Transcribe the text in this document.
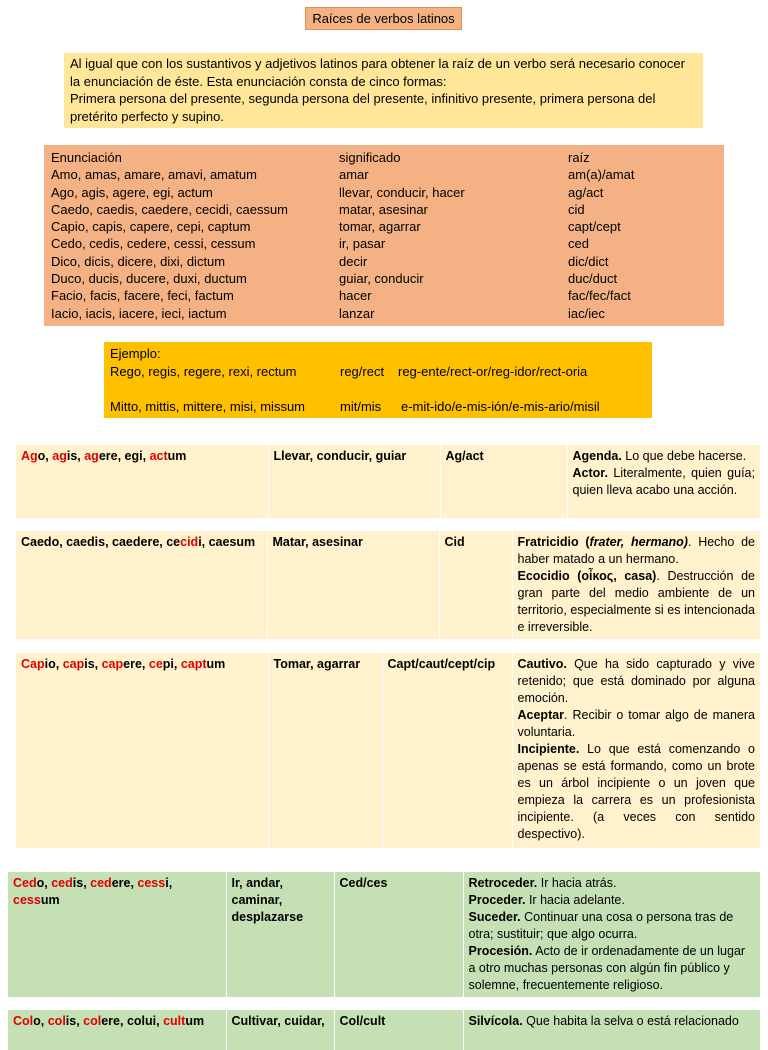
Raíces de verbos latinos

Al igual que con los sustantivos y adjetivos latinos para obtener la raíz de un verbo será necesario conocer

la enunciación de éste. Esta enunciación consta de cinco formas:

Primera persona del presente, segunda persona del presente, infinitivo presente, primera persona del

pretérito perfecto y supino.

Enunciación	significado	raíz
Amo, amas, amare, amavi, amatum	amar	am(a)/amat
Ago, agis, agere, egi, actum	llevar, conducir, hacer	ag/act
Caedo, caedis, caedere, cecidi, caessum	matar, asesinar	cid
Capio, capis, capere, cepi, captum	tomar, agarrar	capt/cept
Cedo, cedis, cedere, cessi, cessum	ir, pasar	ced
Dico, dicis, dicere, dixi, dictum	decir	dic/dict
Duco, ducis, ducere, duxi, ductum	guiar, conducir	duc/duct
Facio, facis, facere, feci, factum	hacer	fac/fec/fact
Iacio, iacis, iacere, ieci, iactum	lanzar	iac/iec
Ejemplo:
Rego, regis, regere, rexi, rectum	reg/rect reg-ente/rect-or/reg-idor/rect-oria
Mitto, mittis, mittere, misi, missum	mit/mis e-mit-ido/e-mis-ión/e-mis-ario/misil
Ago, agis, agere, egi, actum	Llevar, conducir, guiar	Ag/act	Agenda. Lo que debe hacerse.
Actor. Literalmente, quien guía; quien lleva acabo una acción.
Caedo, caedis, caedere, cecidi, caesum	Matar, asesinar	Cid	Fratricidio (frater, hermano). Hecho de haber matado a un hermano.
Ecocidio (οἶκος, casa). Destrucción de gran parte del medio ambiente de un territorio, especialmente si es intencionada e irreversible.
Capio, capis, capere, cepi, captum	Tomar, agarrar	Capt/caut/cept/cip	Cautivo. Que ha sido capturado y vive retenido; que está dominado por alguna emoción.
Aceptar. Recibir o tomar algo de manera voluntaria.
Incipiente. Lo que está comenzando o apenas se está formando, como un brote es un árbol incipiente o un joven que empieza la carrera es un profesionista incipiente. (a veces con sentido despectivo).
Cedo, cedis, cedere, cessi, cessum	Ir, andar, caminar, desplazarse	Ced/ces	Retroceder. Ir hacia atrás.
Proceder. Ir hacia adelante.
Suceder. Continuar una cosa o persona tras de otra; sustituir; que algo ocurra.
Procesión. Acto de ir ordenadamente de un lugar a otro muchas personas con algún fin público y solemne, frecuentemente religioso.
Colo, colis, colere, colui, cultum	Cultivar, cuidar,	Col/cult	Silvícola. Que habita la selva o está relacionado
